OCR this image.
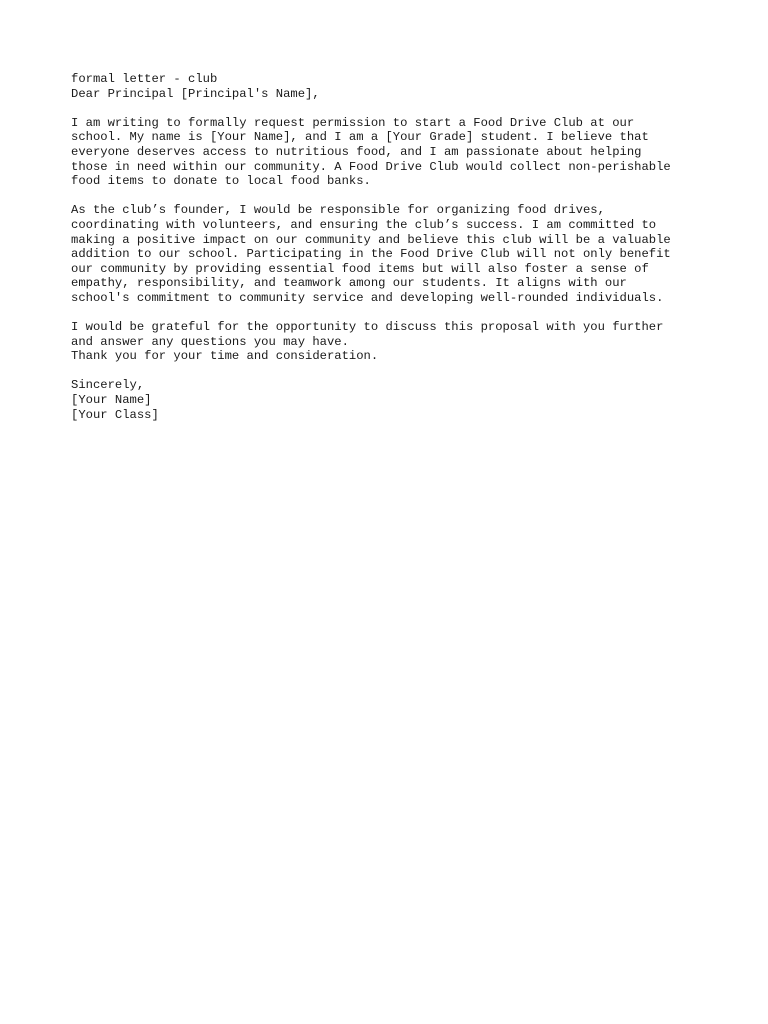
formal letter - club
Dear Principal [Principal's Name],
I am writing to formally request permission to start a Food Drive Club at our
school. My name is [Your Name], and I am a [Your Grade] student. I believe that
everyone deserves access to nutritious food, and I am passionate about helping
those in need within our community. A Food Drive Club would collect non-perishable
food items to donate to local food banks.
As the club’s founder, I would be responsible for organizing food drives,
coordinating with volunteers, and ensuring the club’s success. I am committed to
making a positive impact on our community and believe this club will be a valuable
addition to our school. Participating in the Food Drive Club will not only benefit
our community by providing essential food items but will also foster a sense of
empathy, responsibility, and teamwork among our students. It aligns with our
school's commitment to community service and developing well-rounded individuals.
I would be grateful for the opportunity to discuss this proposal with you further
and answer any questions you may have.
Thank you for your time and consideration.
Sincerely,
[Your Name]
[Your Class]
